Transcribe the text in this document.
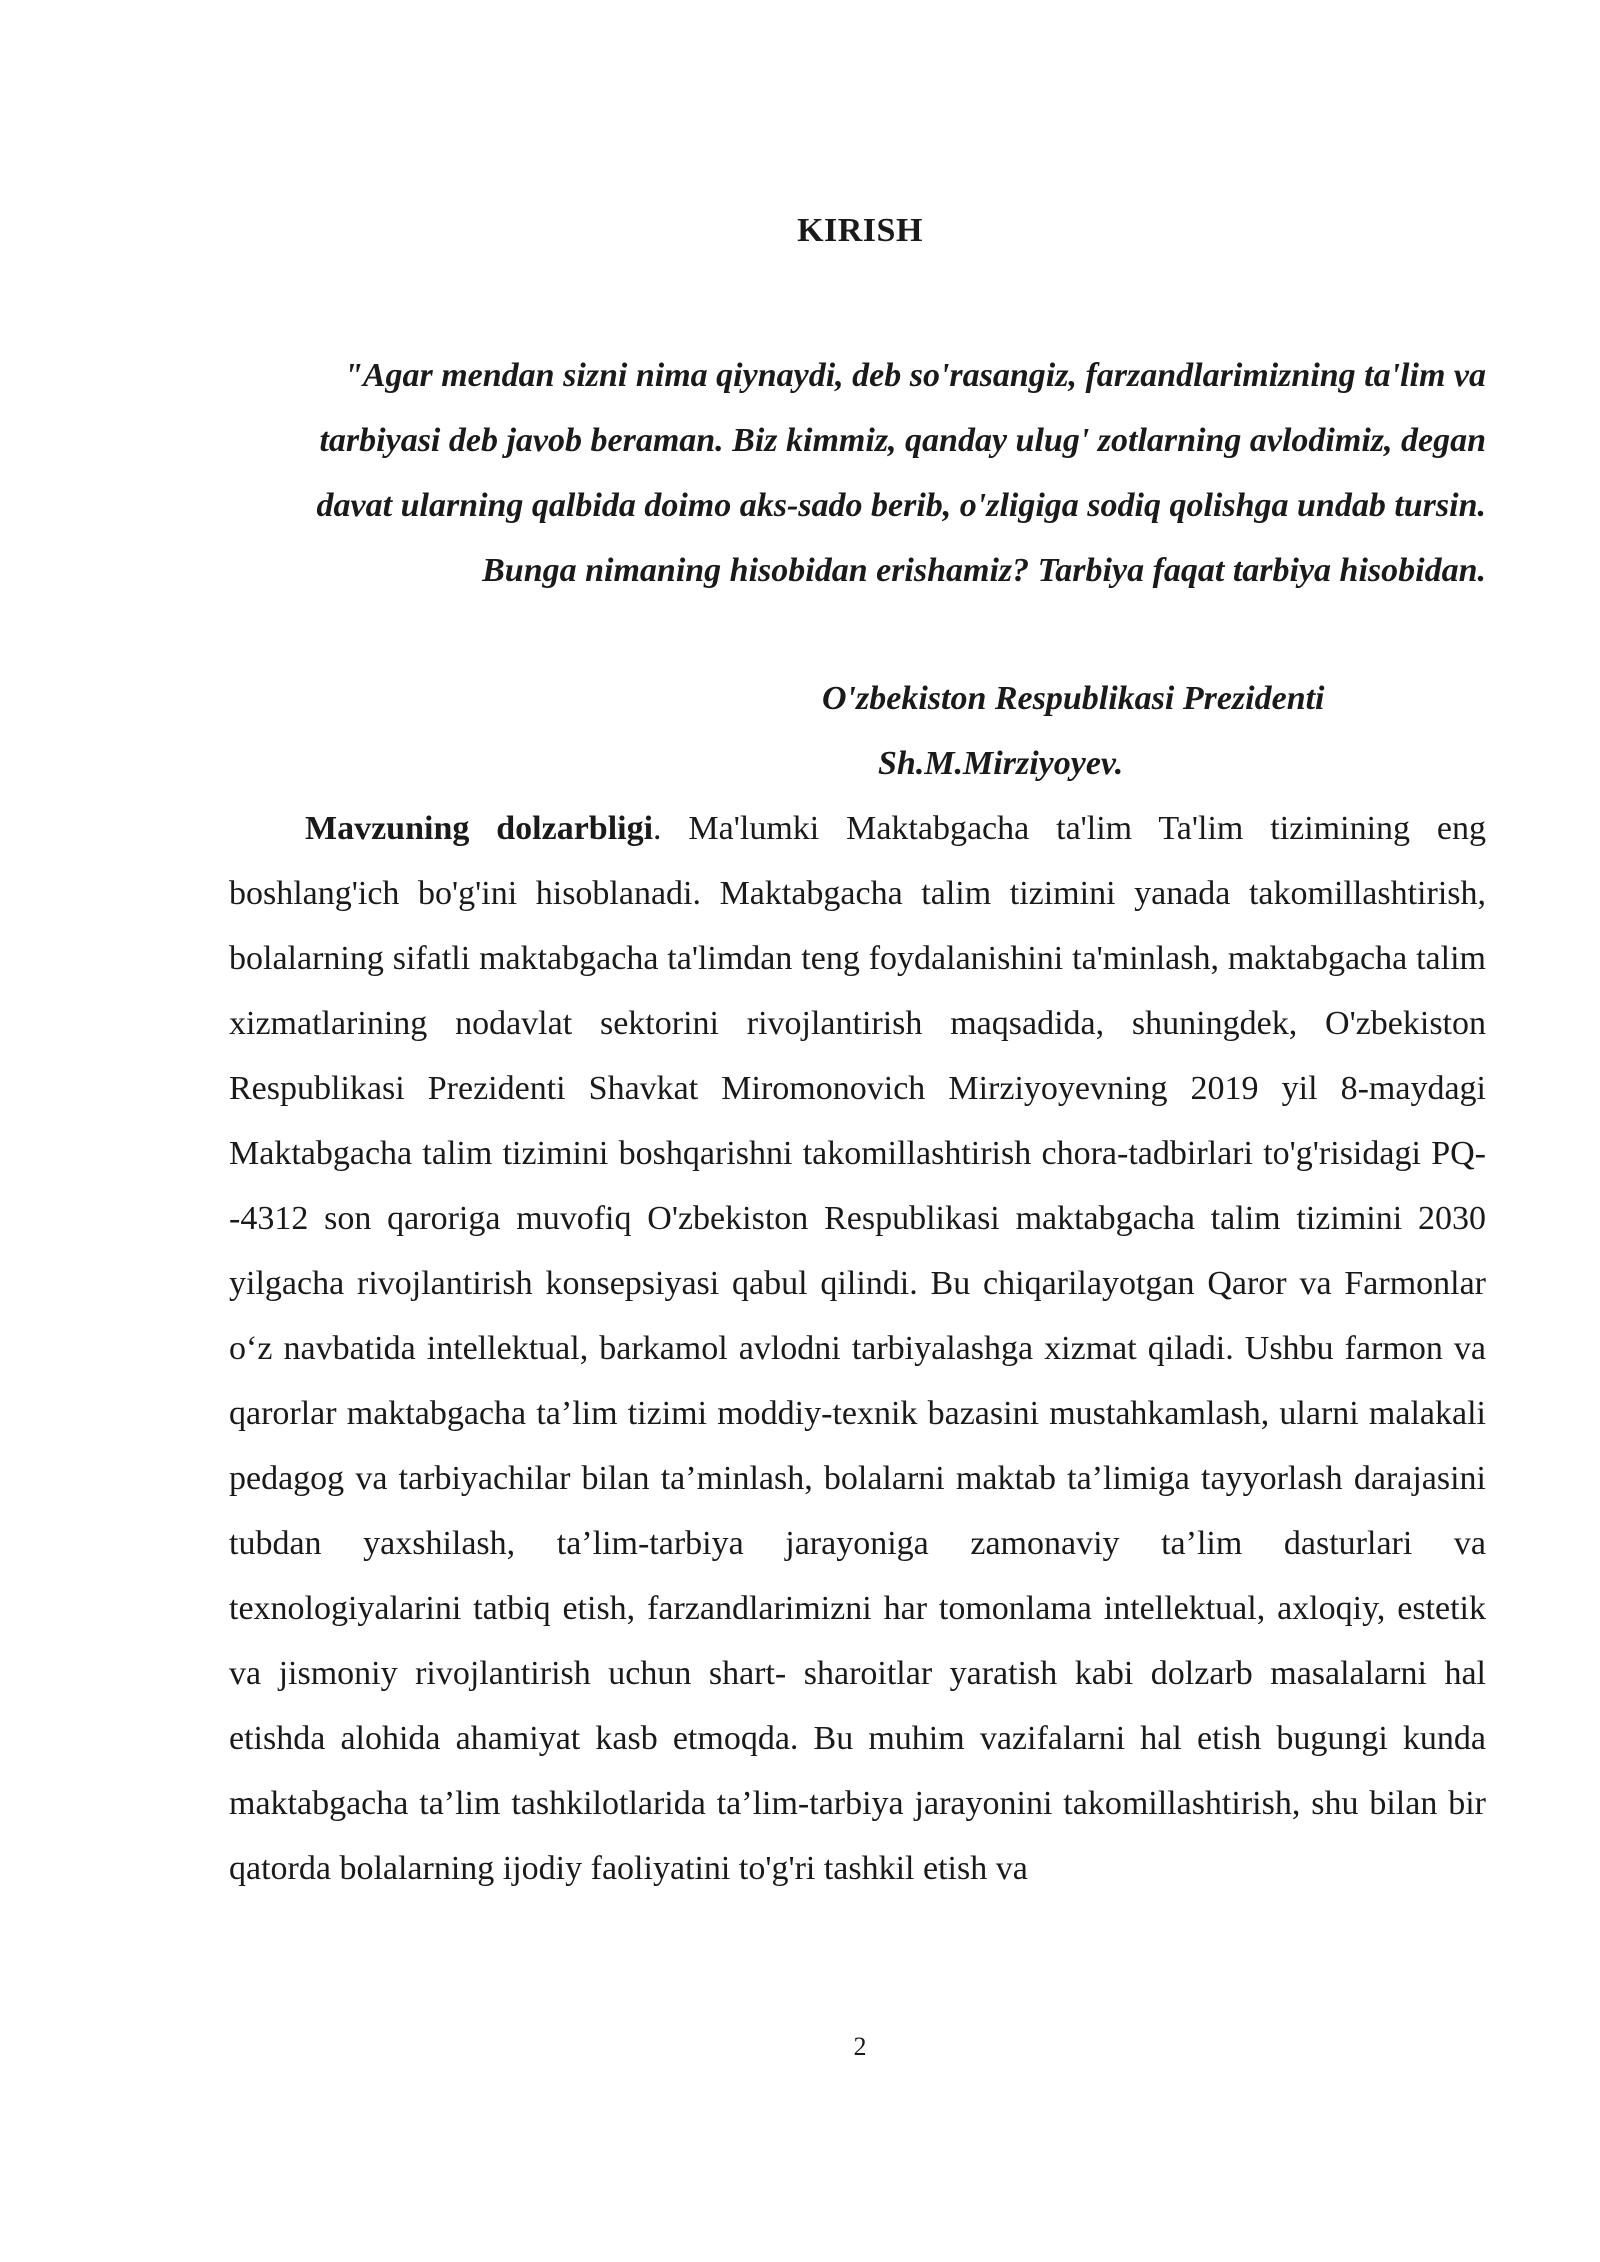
KIRISH
"Agar mendan sizni nima qiynaydi, deb so'rasangiz, farzandlarimizning ta'lim va tarbiyasi deb javob beraman. Biz kimmiz, qanday ulug' zotlarning avlodimiz, degan davat ularning qalbida doimo aks-sado berib, o'zligiga sodiq qolishga undab tursin. Bunga nimaning hisobidan erishamiz? Tarbiya faqat tarbiya hisobidan.
O'zbekiston Respublikasi Prezidenti
Sh.M.Mirziyoyev.

Mavzuning dolzarbligi. Ma'lumki Maktabgacha ta'lim Ta'lim tizimining eng boshlang'ich bo'g'ini hisoblanadi. Maktabgacha talim tizimini yanada takomillashtirish, bolalarning sifatli maktabgacha ta'limdan teng foydalanishini ta'minlash, maktabgacha talim xizmatlarining nodavlat sektorini rivojlantirish maqsadida, shuningdek, O'zbekiston Respublikasi Prezidenti Shavkat Miromonovich Mirziyoyevning 2019 yil 8-maydagi Maktabgacha talim tizimini boshqarishni takomillashtirish chora-tadbirlari to'g'risidagi PQ--4312 son qaroriga muvofiq O'zbekiston Respublikasi maktabgacha talim tizimini 2030 yilgacha rivojlantirish konsepsiyasi qabul qilindi. Bu chiqarilayotgan Qaror va Farmonlar o‘z navbatida intellektual, barkamol avlodni tarbiyalashga xizmat qiladi. Ushbu farmon va qarorlar maktabgacha ta’lim tizimi moddiy-texnik bazasini mustahkamlash, ularni malakali pedagog va tarbiyachilar bilan ta’minlash, bolalarni maktab ta’limiga tayyorlash darajasini tubdan yaxshilash, ta’lim-tarbiya jarayoniga zamonaviy ta’lim dasturlari va texnologiyalarini tatbiq etish, farzandlarimizni har tomonlama intellektual, axloqiy, estetik va jismoniy rivojlantirish uchun shart- sharoitlar yaratish kabi dolzarb masalalarni hal etishda alohida ahamiyat kasb etmoqda. Bu muhim vazifalarni hal etish bugungi kunda maktabgacha ta’lim tashkilotlarida ta’lim-tarbiya jarayonini takomillashtirish, shu bilan bir qatorda bolalarning ijodiy faoliyatini to'g'ri tashkil etish va

2
